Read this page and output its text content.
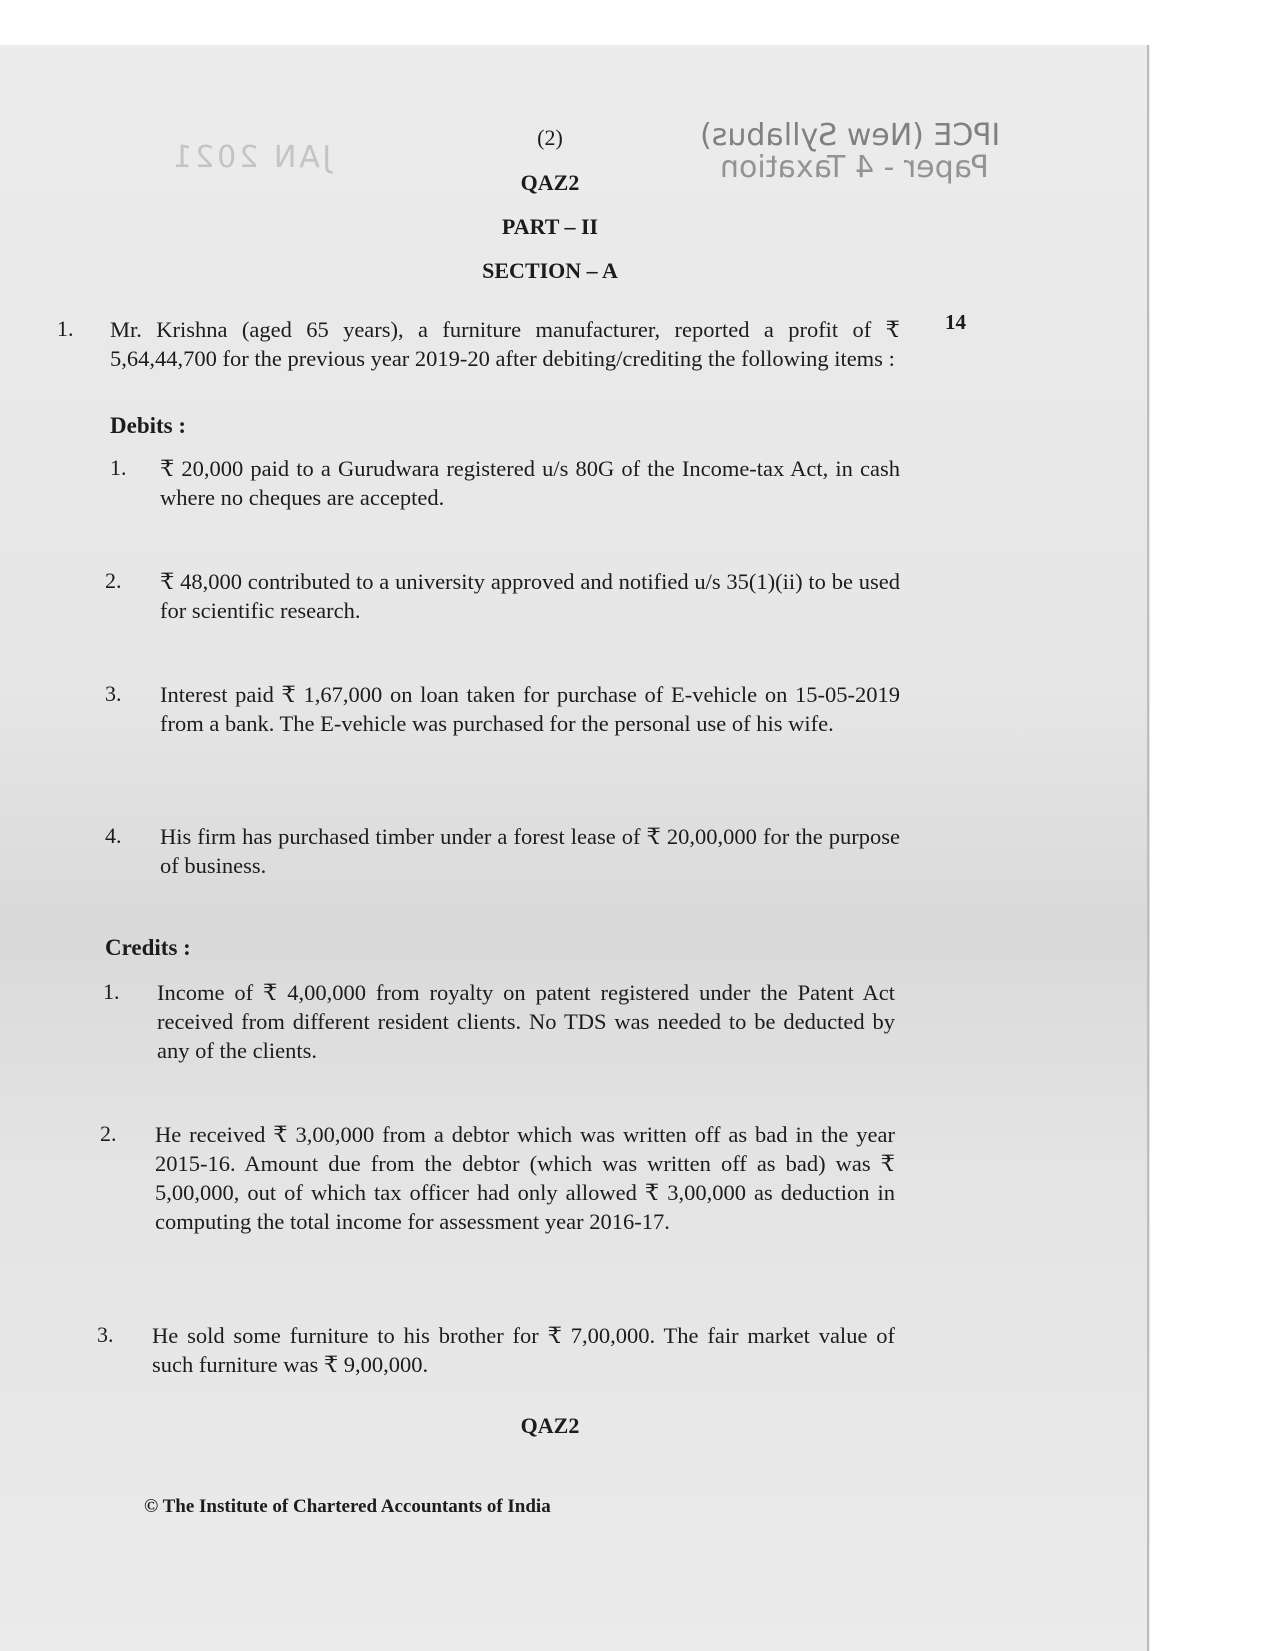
JAN 2021
IPCE (New Syllabus)
Paper - 4 Taxation
(2)
QAZ2
PART – II
SECTION – A
1.	14
Mr. Krishna (aged 65 years), a furniture manufacturer, reported a profit of ₹ 5,64,44,700 for the previous year 2019-20 after debiting/crediting the following items :
Debits :
1. ₹ 20,000 paid to a Gurudwara registered u/s 80G of the Income-tax Act, in cash where no cheques are accepted.
2. ₹ 48,000 contributed to a university approved and notified u/s 35(1)(ii) to be used for scientific research.
3. Interest paid ₹ 1,67,000 on loan taken for purchase of E-vehicle on 15-05-2019 from a bank. The E-vehicle was purchased for the personal use of his wife.
4. His firm has purchased timber under a forest lease of ₹ 20,00,000 for the purpose of business.
Credits :
1. Income of ₹ 4,00,000 from royalty on patent registered under the Patent Act received from different resident clients. No TDS was needed to be deducted by any of the clients.
2. He received ₹ 3,00,000 from a debtor which was written off as bad in the year 2015-16. Amount due from the debtor (which was written off as bad) was ₹ 5,00,000, out of which tax officer had only allowed ₹ 3,00,000 as deduction in computing the total income for assessment year 2016-17.
3. He sold some furniture to his brother for ₹ 7,00,000. The fair market value of such furniture was ₹ 9,00,000.
QAZ2
© The Institute of Chartered Accountants of India
